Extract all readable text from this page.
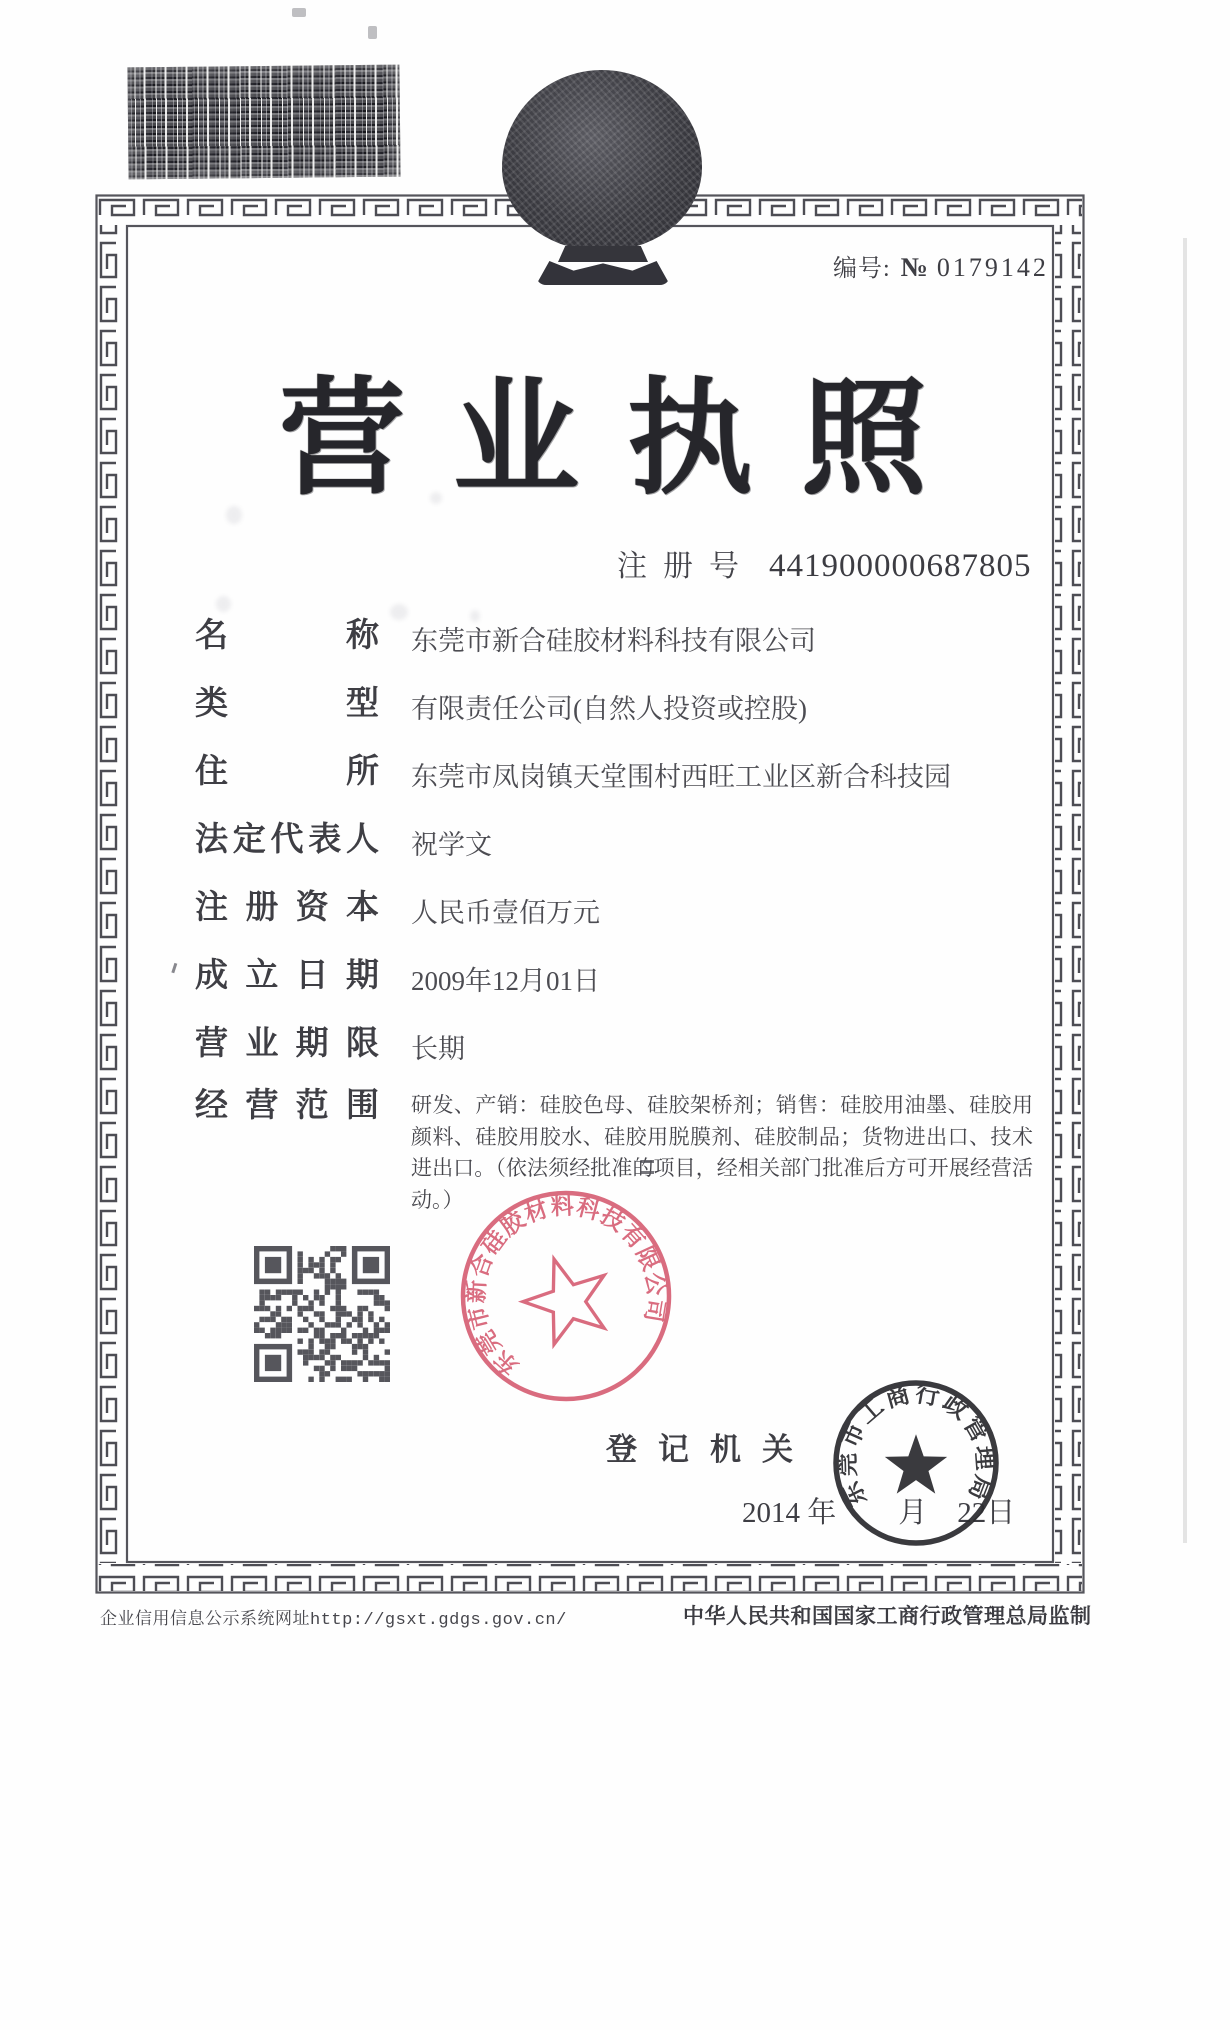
编号: № 0179142
营业执照
注册号 441900000687805
名称 东莞市新合硅胶材料科技有限公司
类型 有限责任公司(自然人投资或控股)
住所 东莞市凤岗镇天堂围村西旺工业区新合科技园
法定代表人 祝学文
注册资本 人民币壹佰万元
成立日期 2009年12月01日
营业期限 长期
经营范围 研发、产销：硅胶色母、硅胶架桥剂；销售：硅胶用油墨、硅胶用颜料、硅胶用胶水、硅胶用脱膜剂、硅胶制品；货物进出口、技术进出口。（依法须经批准的项目，经相关部门批准后方可开展经营活动。）
东莞市新合硅胶材料科技有限公司
登记机关
2014 年 月 22日
东莞市工商行政管理局
企业信用信息公示系统网址http://gsxt.gdgs.gov.cn/	中华人民共和国国家工商行政管理总局监制
